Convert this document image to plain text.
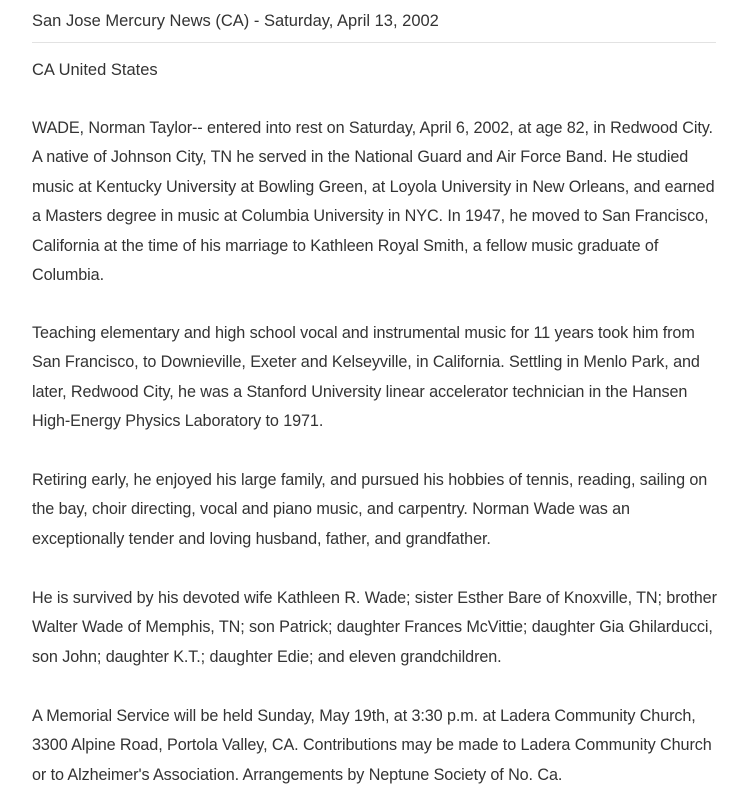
San Jose Mercury News (CA) - Saturday, April 13, 2002
CA United States

WADE, Norman Taylor-- entered into rest on Saturday, April 6, 2002, at age 82, in Redwood City. A native of Johnson City, TN he served in the National Guard and Air Force Band. He studied music at Kentucky University at Bowling Green, at Loyola University in New Orleans, and earned a Masters degree in music at Columbia University in NYC. In 1947, he moved to San Francisco, California at the time of his marriage to Kathleen Royal Smith, a fellow music graduate of Columbia.

Teaching elementary and high school vocal and instrumental music for 11 years took him from San Francisco, to Downieville, Exeter and Kelseyville, in California. Settling in Menlo Park, and later, Redwood City, he was a Stanford University linear accelerator technician in the Hansen High-Energy Physics Laboratory to 1971.

Retiring early, he enjoyed his large family, and pursued his hobbies of tennis, reading, sailing on the bay, choir directing, vocal and piano music, and carpentry. Norman Wade was an exceptionally tender and loving husband, father, and grandfather.

He is survived by his devoted wife Kathleen R. Wade; sister Esther Bare of Knoxville, TN; brother Walter Wade of Memphis, TN; son Patrick; daughter Frances McVittie; daughter Gia Ghilarducci, son John; daughter K.T.; daughter Edie; and eleven grandchildren.

A Memorial Service will be held Sunday, May 19th, at 3:30 p.m. at Ladera Community Church, 3300 Alpine Road, Portola Valley, CA. Contributions may be made to Ladera Community Church or to Alzheimer's Association. Arrangements by Neptune Society of No. Ca.
